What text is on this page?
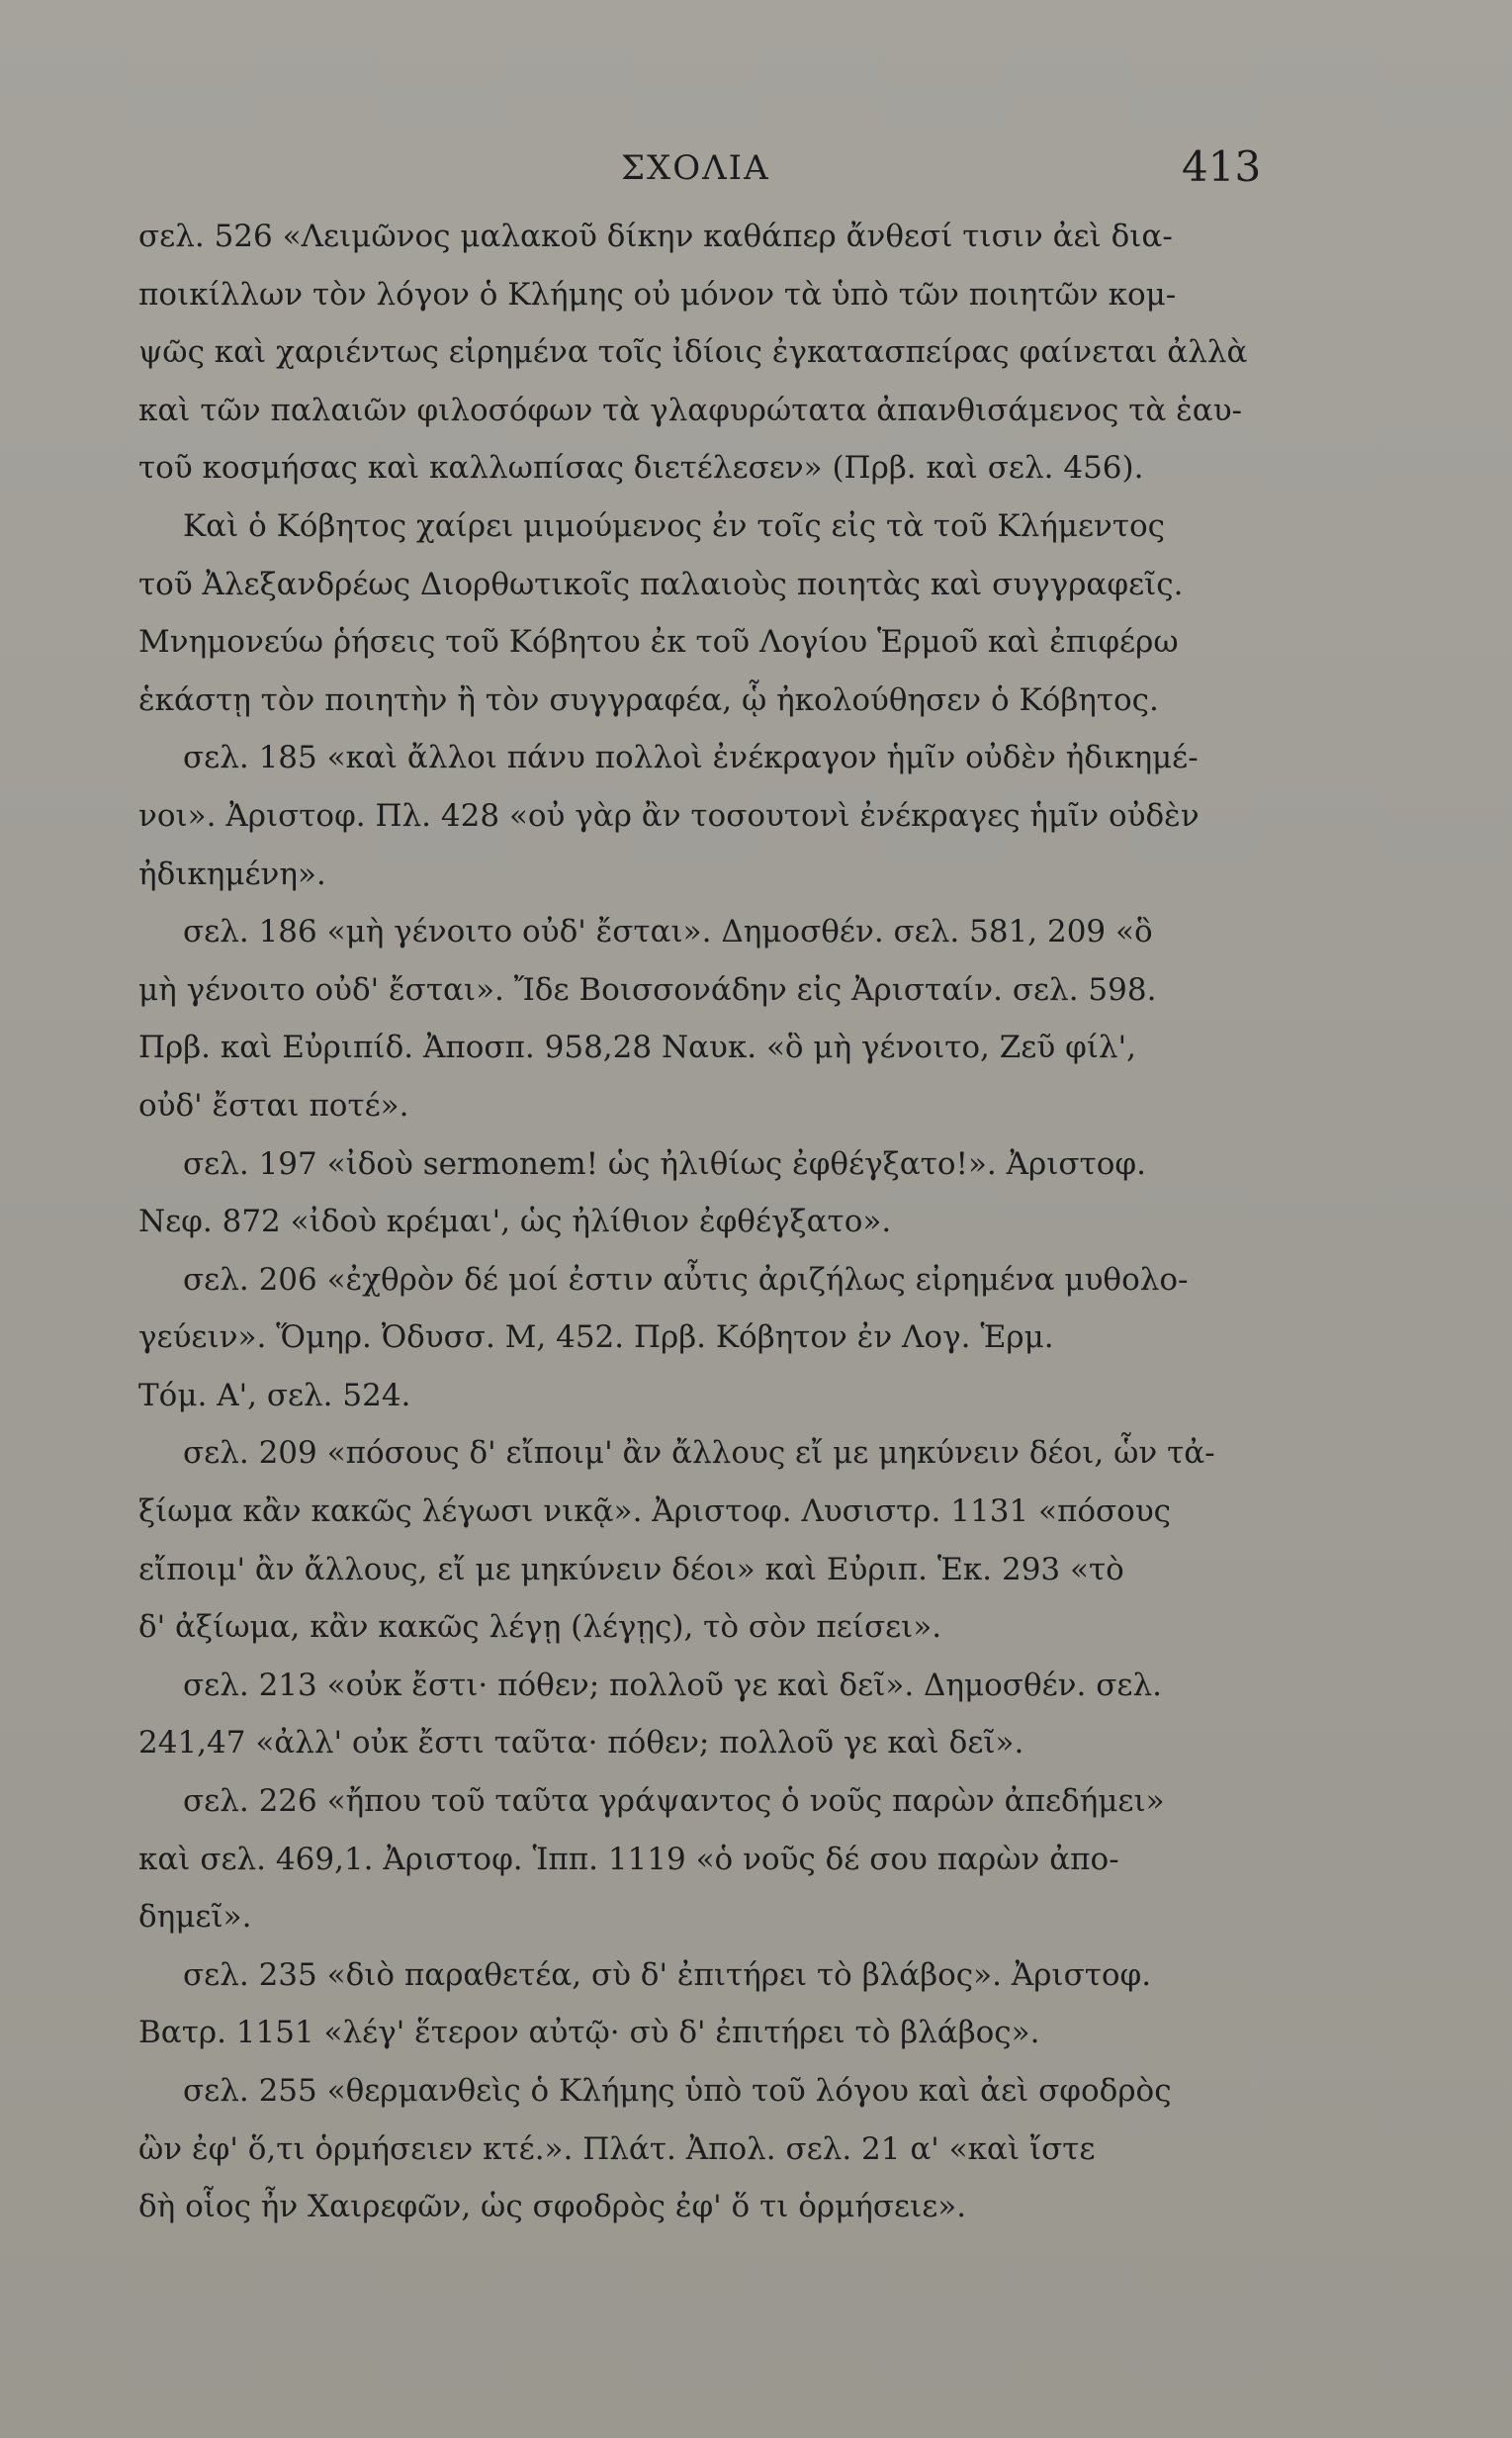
ΣΧΟΛΙΑ	413
σελ. 526 «Λειμῶνος μαλακοῦ δίκην καθάπερ ἄνθεσί τισιν ἀεὶ δια-
ποικίλλων τὸν λόγον ὁ Κλήμης οὐ μόνον τὰ ὑπὸ τῶν ποιητῶν κομ-
ψῶς καὶ χαριέντως εἰρημένα τοῖς ἰδίοις ἐγκατασπείρας φαίνεται ἀλλὰ
καὶ τῶν παλαιῶν φιλοσόφων τὰ γλαφυρώτατα ἀπανθισάμενος τὰ ἑαυ-
τοῦ κοσμήσας καὶ καλλωπίσας διετέλεσεν» (Πρβ. καὶ σελ. 456).
Καὶ ὁ Κόβητος χαίρει μιμούμενος ἐν τοῖς εἰς τὰ τοῦ Κλήμεντος
τοῦ Ἀλεξανδρέως Διορθωτικοῖς παλαιοὺς ποιητὰς καὶ συγγραφεῖς.
Μνημονεύω ῥήσεις τοῦ Κόβητου ἐκ τοῦ Λογίου Ἑρμοῦ καὶ ἐπιφέρω
ἑκάστῃ τὸν ποιητὴν ἢ τὸν συγγραφέα, ᾧ ἠκολούθησεν ὁ Κόβητος.
σελ. 185 «καὶ ἄλλοι πάνυ πολλοὶ ἐνέκραγον ἡμῖν οὐδὲν ἠδικημέ-
νοι». Ἀριστοφ. Πλ. 428 «οὐ γὰρ ἂν τοσουτονὶ ἐνέκραγες ἡμῖν οὐδὲν
ἠδικημένη».
σελ. 186 «μὴ γένοιτο οὐδ' ἔσται». Δημοσθέν. σελ. 581, 209 «ὃ
μὴ γένοιτο οὐδ' ἔσται». Ἴδε Βοισσονάδην εἰς Ἀρισταίν. σελ. 598.
Πρβ. καὶ Εὐριπίδ. Ἀποσπ. 958,28 Ναυκ. «ὃ μὴ γένοιτο, Ζεῦ φίλ',
οὐδ' ἔσται ποτέ».
σελ. 197 «ἰδοὺ sermonem! ὡς ἠλιθίως ἐφθέγξατο!». Ἀριστοφ.
Νεφ. 872 «ἰδοὺ κρέμαι', ὡς ἠλίθιον ἐφθέγξατο».
σελ. 206 «ἐχθρὸν δέ μοί ἐστιν αὖτις ἀριζήλως εἰρημένα μυθολο-
γεύειν». Ὅμηρ. Ὀδυσσ. Μ, 452. Πρβ. Κόβητον ἐν Λογ. Ἑρμ.
Τόμ. Α', σελ. 524.
σελ. 209 «πόσους δ' εἴποιμ' ἂν ἄλλους εἴ με μηκύνειν δέοι, ὧν τἀ-
ξίωμα κἂν κακῶς λέγωσι νικᾷ». Ἀριστοφ. Λυσιστρ. 1131 «πόσους
εἴποιμ' ἂν ἄλλους, εἴ με μηκύνειν δέοι» καὶ Εὐριπ. Ἑκ. 293 «τὸ
δ' ἀξίωμα, κἂν κακῶς λέγῃ (λέγῃς), τὸ σὸν πείσει».
σελ. 213 «οὐκ ἔστι· πόθεν; πολλοῦ γε καὶ δεῖ». Δημοσθέν. σελ.
241,47 «ἀλλ' οὐκ ἔστι ταῦτα· πόθεν; πολλοῦ γε καὶ δεῖ».
σελ. 226 «ἤπου τοῦ ταῦτα γράψαντος ὁ νοῦς παρὼν ἀπεδήμει»
καὶ σελ. 469,1. Ἀριστοφ. Ἱππ. 1119 «ὁ νοῦς δέ σου παρὼν ἀπο-
δημεῖ».
σελ. 235 «διὸ παραθετέα, σὺ δ' ἐπιτήρει τὸ βλάβος». Ἀριστοφ.
Βατρ. 1151 «λέγ' ἕτερον αὐτῷ· σὺ δ' ἐπιτήρει τὸ βλάβος».
σελ. 255 «θερμανθεὶς ὁ Κλήμης ὑπὸ τοῦ λόγου καὶ ἀεὶ σφοδρὸς
ὢν ἐφ' ὅ,τι ὁρμήσειεν κτέ.». Πλάτ. Ἀπολ. σελ. 21 α' «καὶ ἴστε
δὴ οἷος ἦν Χαιρεφῶν, ὡς σφοδρὸς ἐφ' ὅ τι ὁρμήσειε».
